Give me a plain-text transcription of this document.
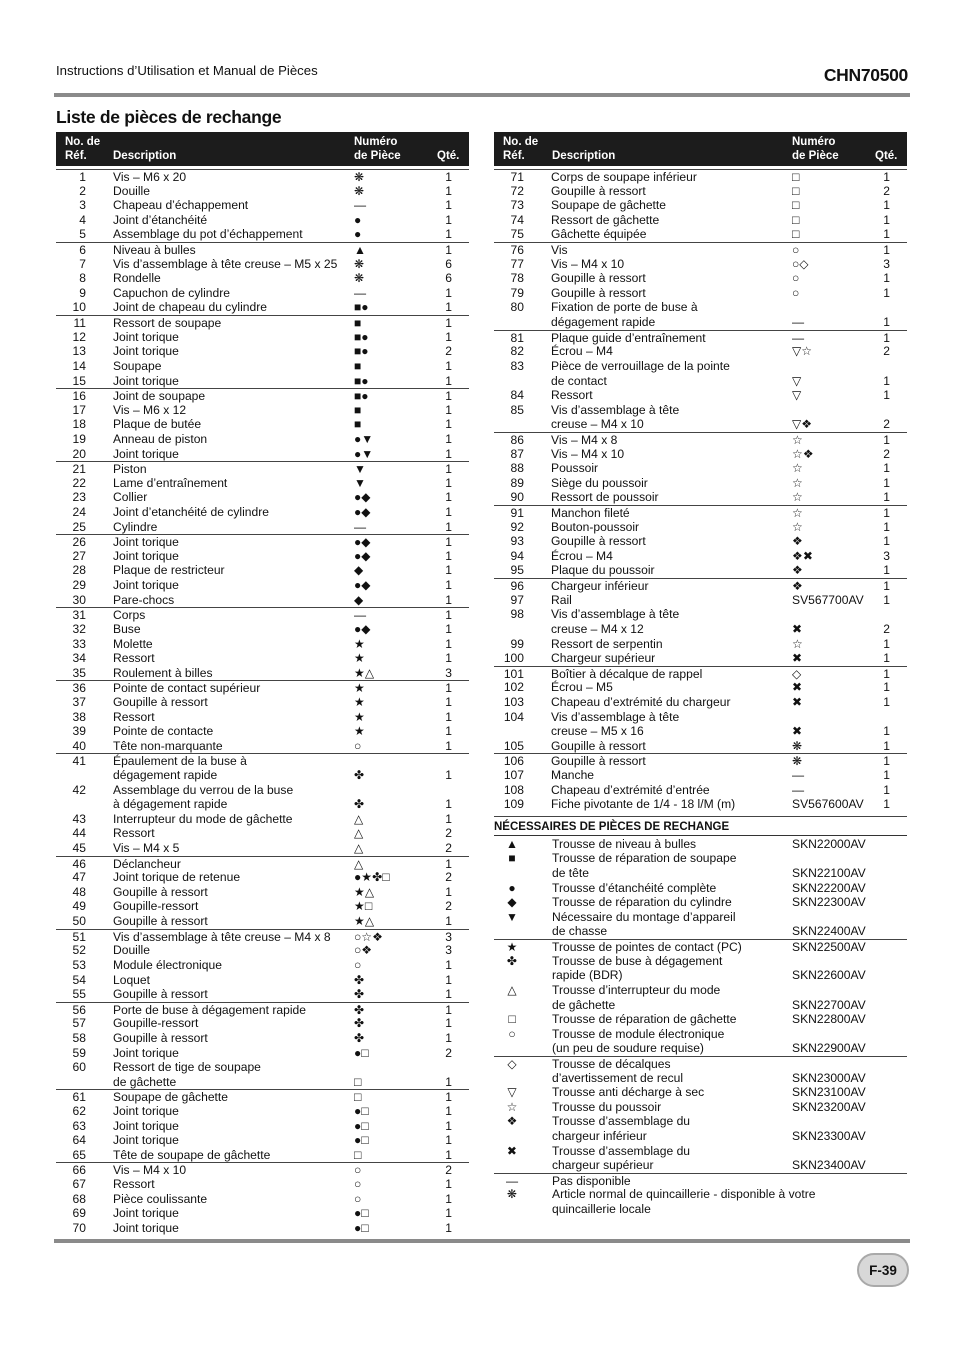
Instructions d’Utilisation et Manual de Pièces	CHN70500
Liste de pièces de rechange
No. de
Réf. Description
Numéro
de Pièce	Qté.
1 Vis – M6 x 20	❋	1
2 Douille	❋	1
3 Chapeau d’échappement	—	1
4 Joint d’étanchéité	●	1
5 Assemblage du pot d’échappement	●	1
6 Niveau à bulles	▲	1
7 Vis d’assemblage à tête creuse – M5 x 25 ❋	6
8 Rondelle	❋	6
9 Capuchon de cylindre	—	1
10 Joint de chapeau du cylindre	■●	1
11 Ressort de soupape	■	1
12 Joint torique	■●	1
13 Joint torique	■●	2
14 Soupape	■	1
15 Joint torique	■●	1
16 Joint de soupape	■●	1
17 Vis – M6 x 12	■	1
18 Plaque de butée	■	1
19 Anneau de piston	●▼	1
20 Joint torique	●▼	1
21 Piston	▼	1
22 Lame d’entraînement	▼	1
23 Collier	●◆	1
24 Joint d’etanchéité de cylindre	●◆	1
25 Cylindre	—	1
26 Joint torique	●◆	1
27 Joint torique	●◆	1
28 Plaque de restricteur	◆	1
29 Joint torique	●◆	1
30 Pare-chocs	◆	1
31 Corps	—	1
32 Buse	●◆	1
33 Molette	★	1
34 Ressort	★	1
35 Roulement à billes	★△	3
36 Pointe de contact supérieur	★	1
37 Goupille à ressort	★	1
38 Ressort	★	1
39 Pointe de contacte	★	1
40 Tête non-marquante	○	1
41 Épaulement de la buse à
dégagement rapide	✤	1
42 Assemblage du verrou de la buse
à dégagement rapide	✤	1
43 Interrupteur du mode de gâchette	△	1
44 Ressort	△	2
45 Vis – M4 x 5	△	2
46 Déclancheur	△	1
47 Joint torique de retenue	●★✤□	2
48 Goupille à ressort	★△	1
49 Goupille-ressort	★□	2
50 Goupille à ressort	★△	1
51 Vis d’assemblage à tête creuse – M4 x 8 ○☆❖	3
52 Douille	○❖	3
53 Module électronique	○	1
54 Loquet	✤	1
55 Goupille à ressort	✤	1
56 Porte de buse à dégagement rapide	✤	1
57 Goupille-ressort	✤	1
58 Goupille à ressort	✤	1
59 Joint torique	●□	2
60 Ressort de tige de soupape
de gâchette	□	1
61 Soupape de gâchette	□	1
62 Joint torique	●□	1
63 Joint torique	●□	1
64 Joint torique	●□	1
65 Tête de soupape de gâchette	□	1
66 Vis – M4 x 10	○	2
67 Ressort	○	1
68 Pièce coulissante	○	1
69 Joint torique	●□	1
70 Joint torique	●□	1
No. de
Réf. Description
Numéro
de Pièce	Qté.
71 Corps de soupape inférieur	□	1
72 Goupille à ressort	□	2
73 Soupape de gâchette	□	1
74 Ressort de gâchette	□	1
75 Gâchette équipée	□	1
76 Vis	○	1
77 Vis – M4 x 10	○◇	3
78 Goupille à ressort	○	1
79 Goupille à ressort	○	1
80 Fixation de porte de buse à
dégagement rapide	—	1
81 Plaque guide d’entraînement	—	1
82 Écrou – M4	▽☆	2
83 Pièce de verrouillage de la pointe
de contact	▽	1
84 Ressort	▽	1
85 Vis d’assemblage à tête
creuse – M4 x 10	▽❖	2
86 Vis – M4 x 8	☆	1
87 Vis – M4 x 10	☆❖	2
88 Poussoir	☆	1
89 Siège du poussoir	☆	1
90 Ressort de poussoir	☆	1
91 Manchon fileté	☆	1
92 Bouton-poussoir	☆	1
93 Goupille à ressort	❖	1
94 Écrou – M4	❖✖	3
95 Plaque du poussoir	❖	1
96 Chargeur inférieur	❖	1
97 Rail	SV567700AV	1
98 Vis d’assemblage à tête
creuse – M4 x 12	✖	2
99 Ressort de serpentin	☆	1
100 Chargeur supérieur	✖	1
101 Boîtier à décalque de rappel	◇	1
102 Écrou – M5	✖	1
103 Chapeau d’extrémité du chargeur	✖	1
104 Vis d’assemblage à tête
creuse – M5 x 16	✖	1
105 Goupille à ressort	❋	1
106 Goupille à ressort	❋	1
107 Manche	—	1
108 Chapeau d’extrémité d’entrée	—	1
109 Fiche pivotante de 1/4 - 18 l/M (m)	SV567600AV	1
NÉCESSAIRES DE PIÈCES DE RECHANGE
▲	Trousse de niveau à bulles	SKN22000AV
■	Trousse de réparation de soupape
de tête	SKN22100AV
●	Trousse d’étanchéité complète	SKN22200AV
◆	Trousse de réparation du cylindre	SKN22300AV
▼	Nécessaire du montage d’appareil
de chasse	SKN22400AV
★	Trousse de pointes de contact (PC)	SKN22500AV
✤	Trousse de buse à dégagement
rapide (BDR)	SKN22600AV
△	Trousse d’interrupteur du mode
de gâchette	SKN22700AV
□	Trousse de réparation de gâchette	SKN22800AV
○	Trousse de module électronique
(un peu de soudure requise)	SKN22900AV
◇	Trousse de décalques
d’avertissement de recul	SKN23000AV
▽	Trousse anti décharge à sec	SKN23100AV
☆	Trousse du poussoir	SKN23200AV
❖	Trousse d’assemblage du
chargeur inférieur	SKN23300AV
✖	Trousse d’assemblage du
chargeur supérieur	SKN23400AV
—	Pas disponible
❋	Article normal de quincaillerie - disponible à votre
quincaillerie locale
F-39
